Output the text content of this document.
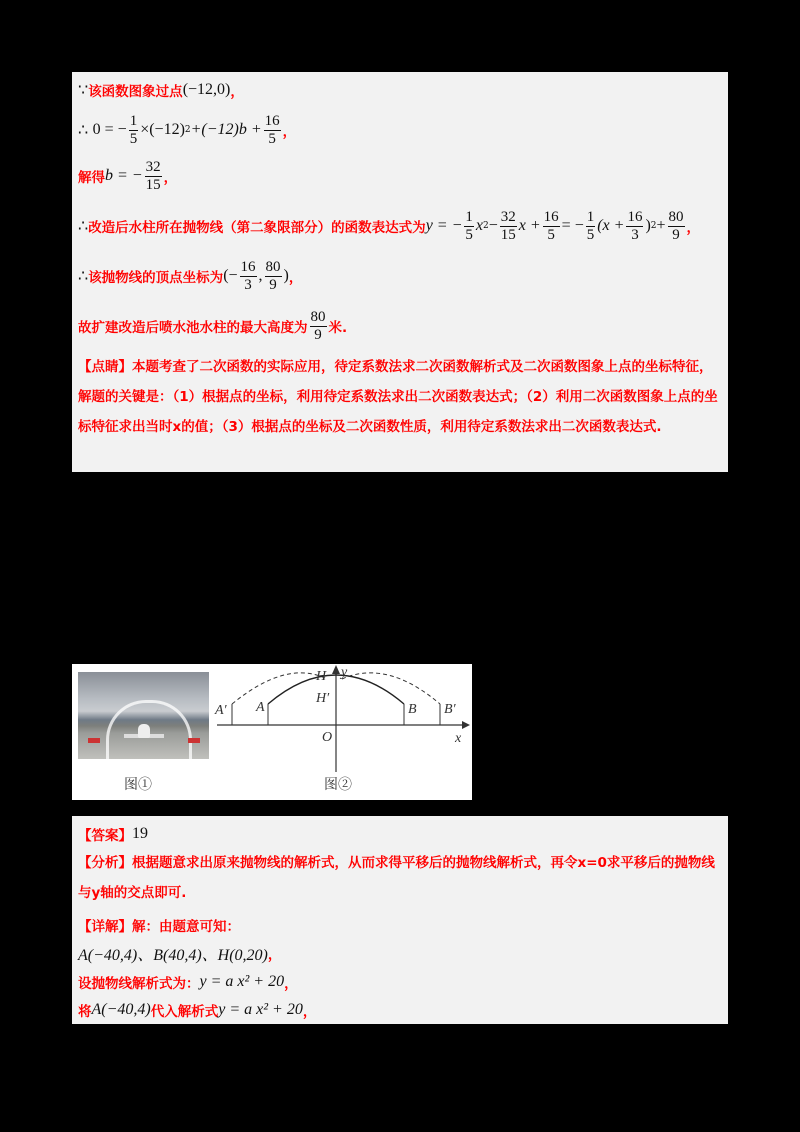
∵ 该函数图象过点 (−12,0) ，
∴
0 = − $\frac{1}{5} \times(-12)$ $2 +(-12)b + \frac{16}{5}$ ，
解得 b = − $\frac{32}{15}$ ，
∴ 改造后水柱所在抛物线（第二象限部分）的函数表达式为 y = − $\frac{1}{5}$ x $2 - \frac{32}{15}$ $x + \frac{16}{5}$ = − $\frac{1}{5} (x + \frac{16}{3}$ ) $2 + \frac{80}{9}$ ，
∴ 该抛物线的顶点坐标为 (− $\frac{16}{3}$ , $\frac{80}{9}$ ) ，
故扩建改造后喷水池水柱的最大高度为 $\frac{80}{9}$ 米.
【点睛】本题考查了二次函数的实际应用，待定系数法求二次函数解析式及二次函数图象上点的坐标特征，解题的关键是：（1）根据点的坐标，利用待定系数法求出二次函数表达式；（2）利用二次函数图象上点的坐标特征求出当时x的值；（3）根据点的坐标及二次函数性质，利用待定系数法求出二次函数表达式.
图①
A′ A	B B′
H
H′
O	x
y
图②
【答案】 19
【分析】根据题意求出原来抛物线的解析式，从而求得平移后的抛物线解析式，再令x=0求平移后的抛物线与y轴的交点即可.
【详解】解：由题意可知：
A(−40,4)、B(40,4)、H(0,20) ，
设抛物线解析式为： y = a x² + 20 ，
将 A(−40,4) 代入解析式 y = a x² + 20 ，
